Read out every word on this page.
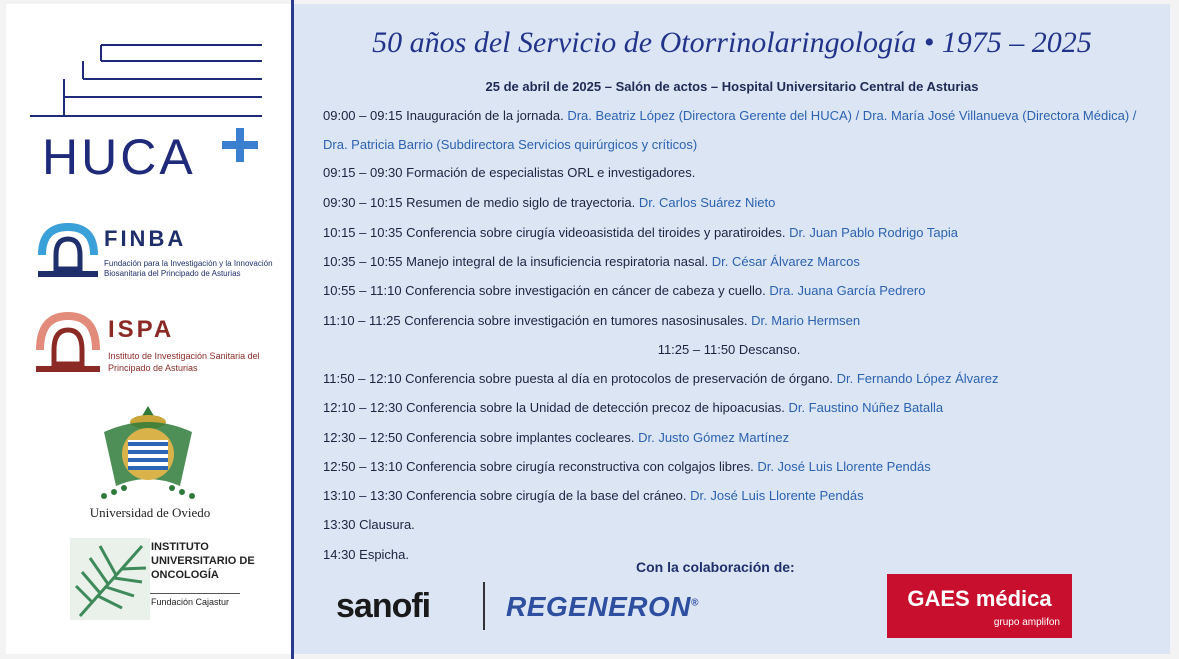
HUCA
FINBA
Fundación para la Investigación y la Innovación Biosanitaria del Principado de Asturias
ISPA
Instituto de Investigación Sanitaria del Principado de Asturias
Universidad de Oviedo
INSTITUTO UNIVERSITARIO DE ONCOLOGÍA
Fundación Cajastur
50 años del Servicio de Otorrinolaringología • 1975 – 2025
25 de abril de 2025 – Salón de actos – Hospital Universitario Central de Asturias
09:00 – 09:15 Inauguración de la jornada. Dra. Beatriz López (Directora Gerente del HUCA) / Dra. María José Villanueva (Directora Médica) / Dra. Patricia Barrio (Subdirectora Servicios quirúrgicos y críticos)
09:15 – 09:30 Formación de especialistas ORL e investigadores.
09:30 – 10:15 Resumen de medio siglo de trayectoria. Dr. Carlos Suárez Nieto
10:15 – 10:35 Conferencia sobre cirugía videoasistida del tiroides y paratiroides. Dr. Juan Pablo Rodrigo Tapia
10:35 – 10:55 Manejo integral de la insuficiencia respiratoria nasal. Dr. César Álvarez Marcos
10:55 – 11:10 Conferencia sobre investigación en cáncer de cabeza y cuello. Dra. Juana García Pedrero
11:10 – 11:25 Conferencia sobre investigación en tumores nasosinusales. Dr. Mario Hermsen
11:25 – 11:50 Descanso.
11:50 – 12:10 Conferencia sobre puesta al día en protocolos de preservación de órgano. Dr. Fernando López Álvarez
12:10 – 12:30 Conferencia sobre la Unidad de detección precoz de hipoacusias. Dr. Faustino Núñez Batalla
12:30 – 12:50 Conferencia sobre implantes cocleares. Dr. Justo Gómez Martínez
12:50 – 13:10 Conferencia sobre cirugía reconstructiva con colgajos libres. Dr. José Luis Llorente Pendás
13:10 – 13:30 Conferencia sobre cirugía de la base del cráneo. Dr. José Luis Llorente Pendás
13:30 Clausura.
14:30 Espicha.
Con la colaboración de:
sanofi	REGENERON®	GAES médica
grupo amplifon
